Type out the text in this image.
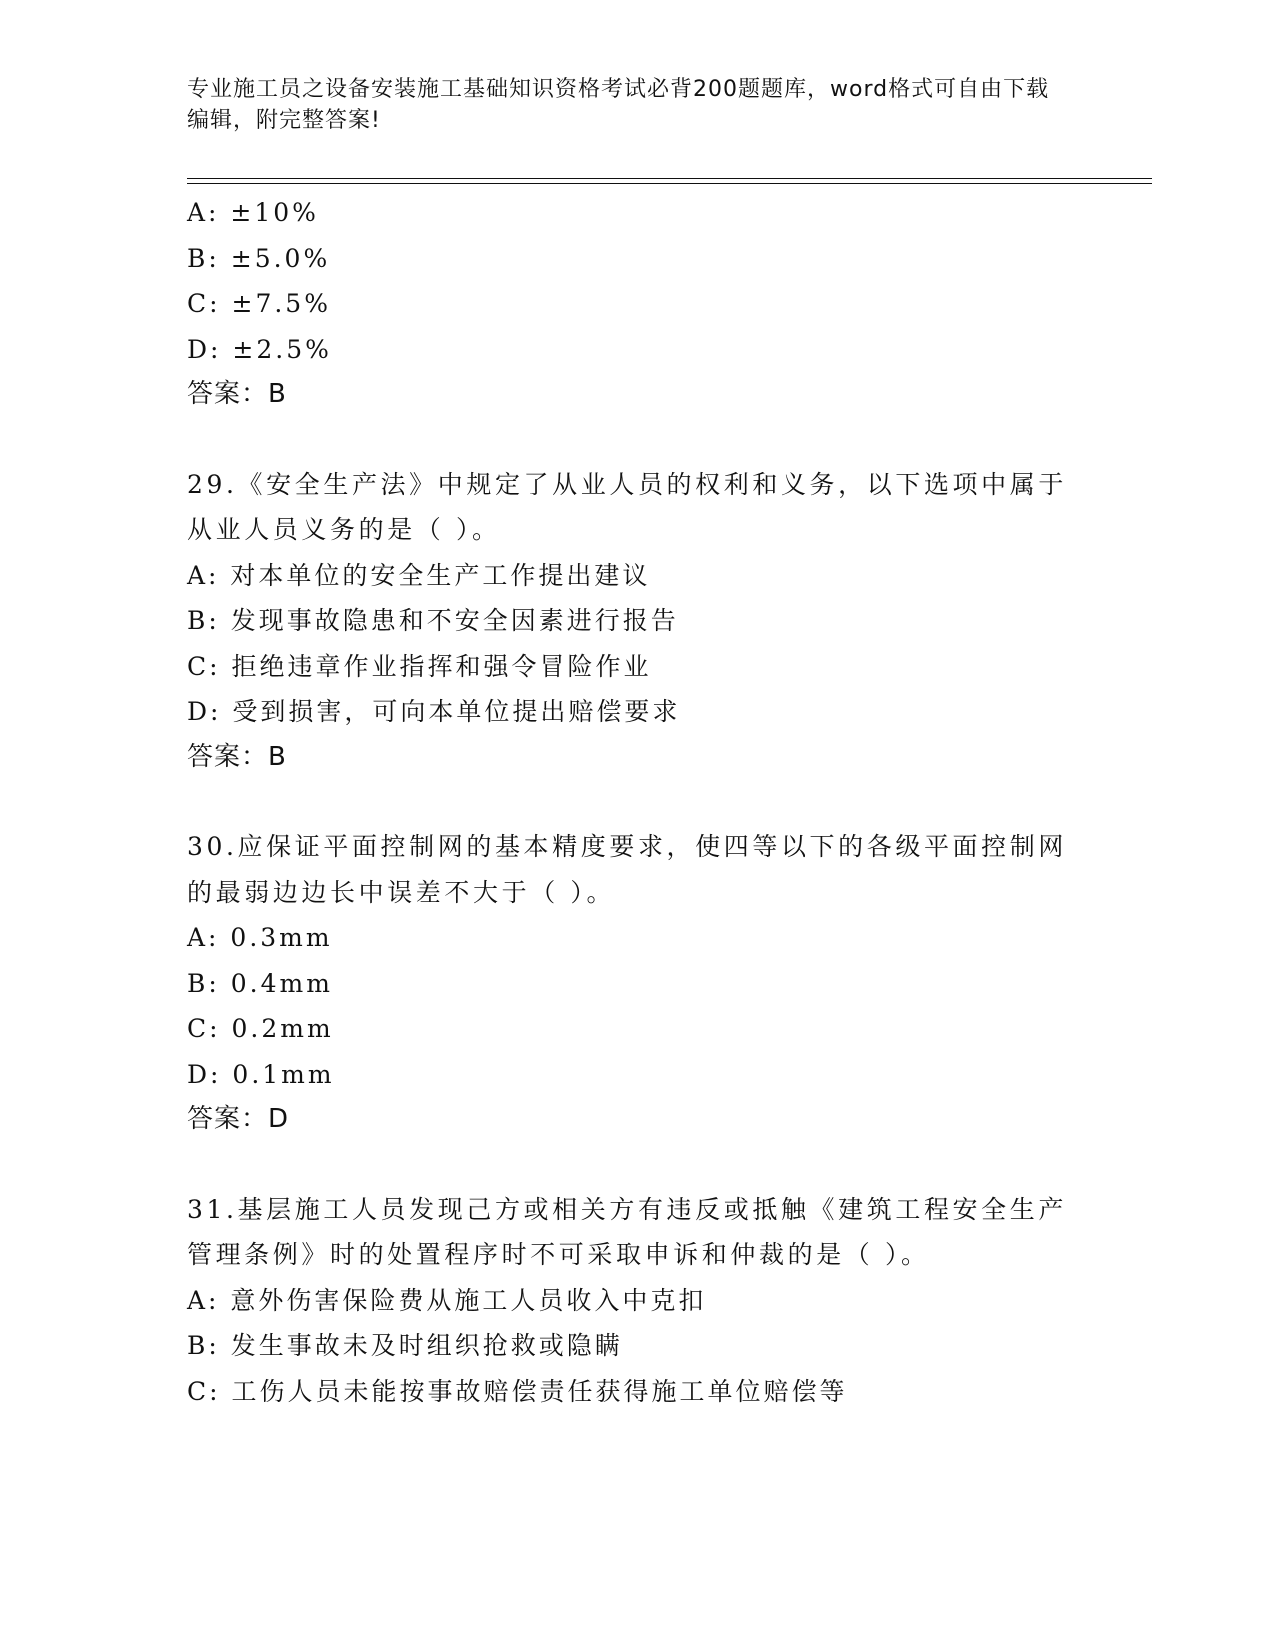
专业施工员之设备安装施工基础知识资格考试必背200题题库，word格式可自由下载编辑，附完整答案!
A: ±10%
B: ±5.0%
C: ±7.5%
D: ±2.5%
答案：B
29.《安全生产法》中规定了从业人员的权利和义务，以下选项中属于从业人员义务的是（ ）。
A: 对本单位的安全生产工作提出建议
B: 发现事故隐患和不安全因素进行报告
C: 拒绝违章作业指挥和强令冒险作业
D: 受到损害，可向本单位提出赔偿要求
答案：B
30.应保证平面控制网的基本精度要求，使四等以下的各级平面控制网的最弱边边长中误差不大于（ ）。
A: 0.3mm
B: 0.4mm
C: 0.2mm
D: 0.1mm
答案：D
31.基层施工人员发现己方或相关方有违反或抵触《建筑工程安全生产管理条例》时的处置程序时不可采取申诉和仲裁的是（ ）。
A: 意外伤害保险费从施工人员收入中克扣
B: 发生事故未及时组织抢救或隐瞒
C: 工伤人员未能按事故赔偿责任获得施工单位赔偿等
